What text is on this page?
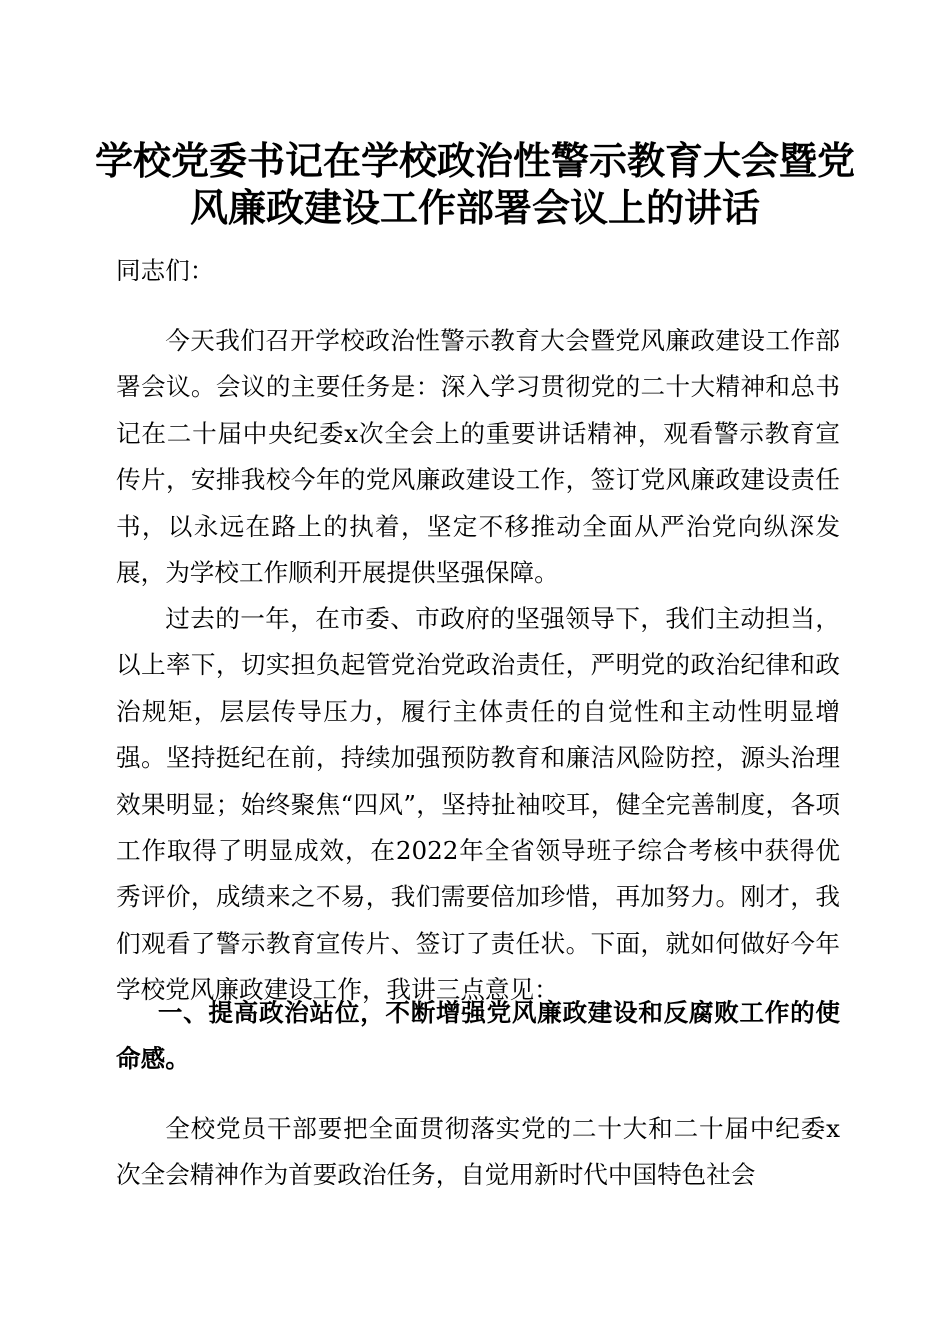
学校党委书记在学校政治性警示教育大会暨党
风廉政建设工作部署会议上的讲话

同志们：

今天我们召开学校政治性警示教育大会暨党风廉政建设工作部署会议。会议的主要任务是：深入学习贯彻党的二十大精神和总书记在二十届中央纪委x次全会上的重要讲话精神，观看警示教育宣传片，安排我校今年的党风廉政建设工作，签订党风廉政建设责任书，以永远在路上的执着，坚定不移推动全面从严治党向纵深发展，为学校工作顺利开展提供坚强保障。

过去的一年，在市委、市政府的坚强领导下，我们主动担当，以上率下，切实担负起管党治党政治责任，严明党的政治纪律和政治规矩，层层传导压力，履行主体责任的自觉性和主动性明显增强。坚持挺纪在前，持续加强预防教育和廉洁风险防控，源头治理效果明显；始终聚焦“四风”，坚持扯袖咬耳，健全完善制度，各项工作取得了明显成效，在2022年全省领导班子综合考核中获得优秀评价，成绩来之不易，我们需要倍加珍惜，再加努力。刚才，我们观看了警示教育宣传片、签订了责任状。下面，就如何做好今年学校党风廉政建设工作，我讲三点意见：

一、提高政治站位，不断增强党风廉政建设和反腐败工作的使命感。

全校党员干部要把全面贯彻落实党的二十大和二十届中纪委x次全会精神作为首要政治任务，自觉用新时代中国特色社会
